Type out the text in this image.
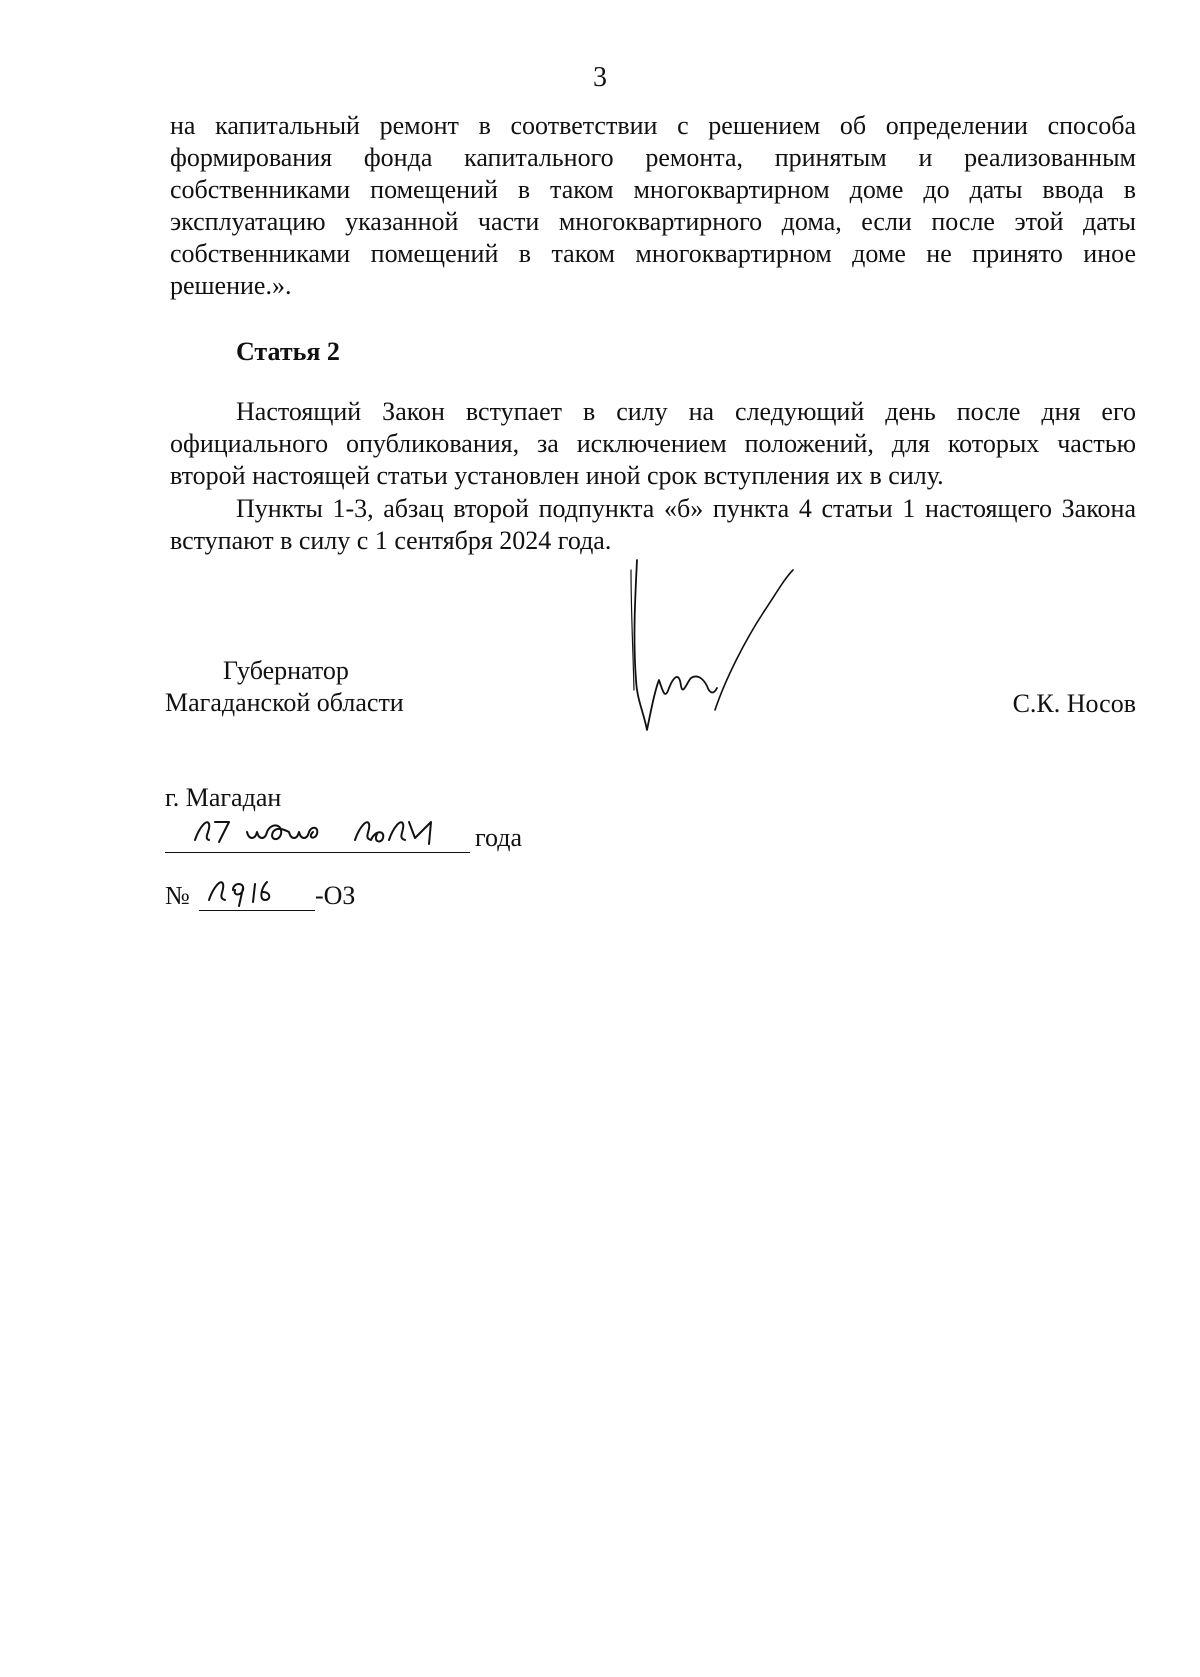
3

на капитальный ремонт в соответствии с решением об определении способа формирования фонда капитального ремонта, принятым и реализованным собственниками помещений в таком многоквартирном доме до даты ввода в эксплуатацию указанной части многоквартирного дома, если после этой даты собственниками помещений в таком многоквартирном доме не принято иное решение.».

Статья 2

Настоящий Закон вступает в силу на следующий день после дня его официального опубликования, за исключением положений, для которых частью второй настоящей статьи установлен иной срок вступления их в силу.

Пункты 1-3, абзац второй подпункта «б» пункта 4 статьи 1 настоящего Закона вступают в силу с 1 сентября 2024 года.

Губернатор
Магаданской области	С.К. Носов
г. Магадан
года
№	-ОЗ
